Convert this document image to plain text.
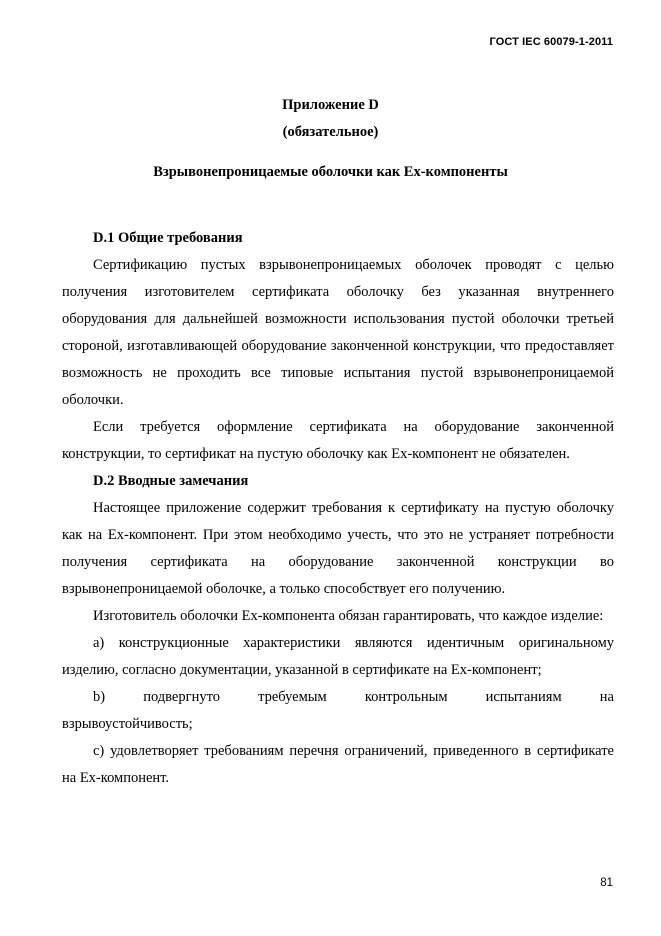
ГОСТ IEC 60079-1-2011
Приложение D
(обязательное)
Взрывонепроницаемые оболочки как Ex-компоненты

D.1 Общие требования

Сертификацию пустых взрывонепроницаемых оболочек проводят с целью получения изготовителем сертификата оболочку без указанная внутреннего оборудования для дальнейшей возможности использования пустой оболочки третьей стороной, изготавливающей оборудование законченной конструкции, что предоставляет возможность не проходить все типовые испытания пустой взрывонепроницаемой оболочки.

Если требуется оформление сертификата на оборудование законченной конструкции, то сертификат на пустую оболочку как Ex-компонент не обязателен.

D.2 Вводные замечания

Настоящее приложение содержит требования к сертификату на пустую оболочку как на Ex-компонент. При этом необходимо учесть, что это не устраняет потребности получения сертификата на оборудование законченной конструкции во взрывонепроницаемой оболочке, а только способствует его получению.

Изготовитель оболочки Ex-компонента обязан гарантировать, что каждое изделие:

а) конструкционные характеристики являются идентичным оригинальному изделию, согласно документации, указанной в сертификате на Ex-компонент;

b)	подвергнуто	требуемым	контрольным	испытаниям	на
взрывоустойчивость;

с) удовлетворяет требованиям перечня ограничений, приведенного в сертификате на Ex-компонент.

81
